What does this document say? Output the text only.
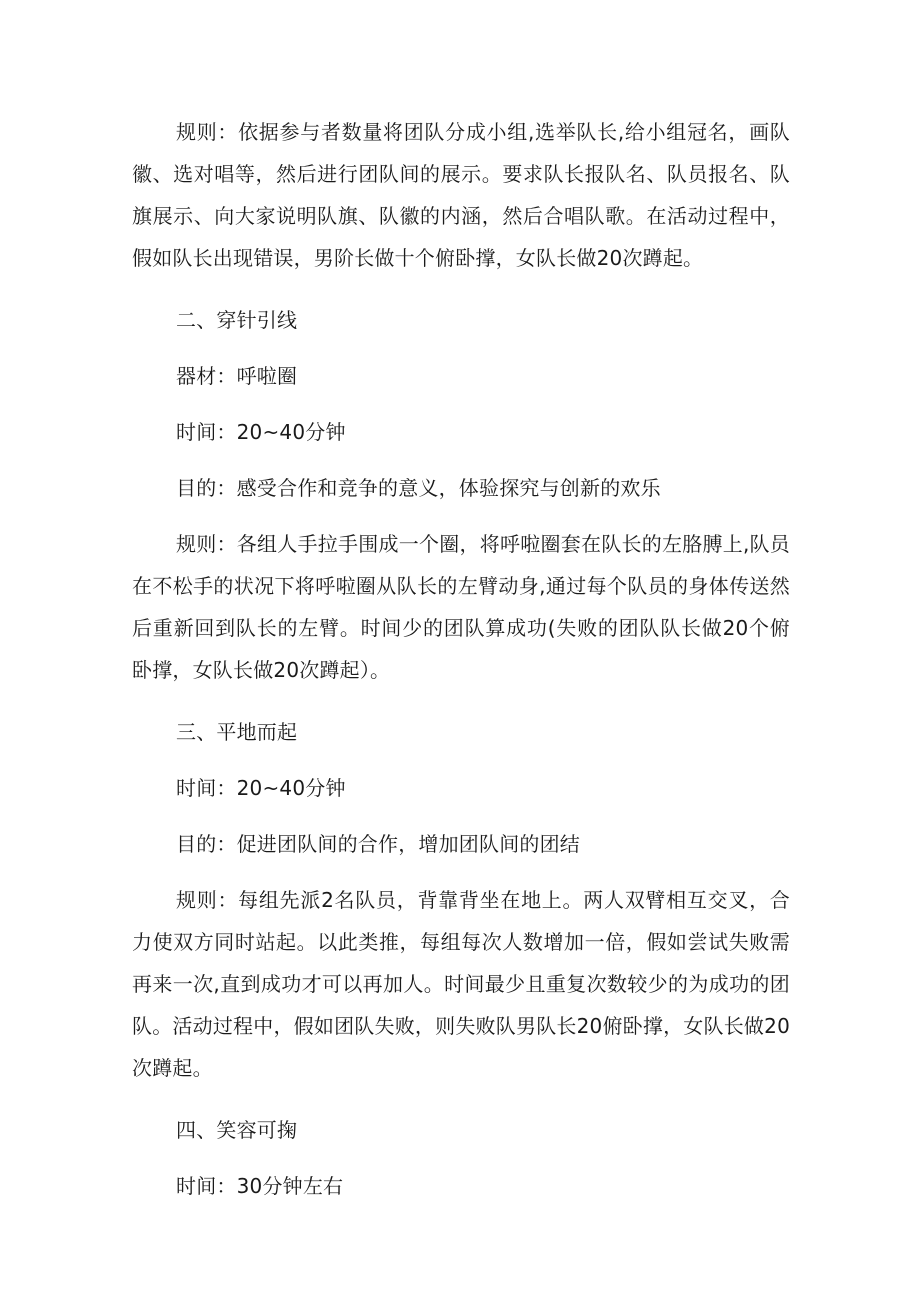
规则：依据参与者数量将团队分成小组,选举队长,给小组冠名，画队徽、选对唱等，然后进行团队间的展示。要求队长报队名、队员报名、队旗展示、向大家说明队旗、队徽的内涵，然后合唱队歌。在活动过程中，假如队长出现错误，男阶长做十个俯卧撑，女队长做20次蹲起。

二、穿针引线

器材：呼啦圈

时间：20~40分钟

目的：感受合作和竞争的意义，体验探究与创新的欢乐

规则：各组人手拉手围成一个圈，将呼啦圈套在队长的左胳膊上,队员在不松手的状况下将呼啦圈从队长的左臂动身,通过每个队员的身体传送然后重新回到队长的左臂。时间少的团队算成功(失败的团队队长做20个俯卧撑，女队长做20次蹲起）。

三、平地而起

时间：20~40分钟

目的：促进团队间的合作，增加团队间的团结

规则：每组先派2名队员，背靠背坐在地上。两人双臂相互交叉，合力使双方同时站起。以此类推，每组每次人数增加一倍，假如尝试失败需再来一次,直到成功才可以再加人。时间最少且重复次数较少的为成功的团队。活动过程中，假如团队失败，则失败队男队长20俯卧撑，女队长做20次蹲起。

四、笑容可掬

时间：30分钟左右
